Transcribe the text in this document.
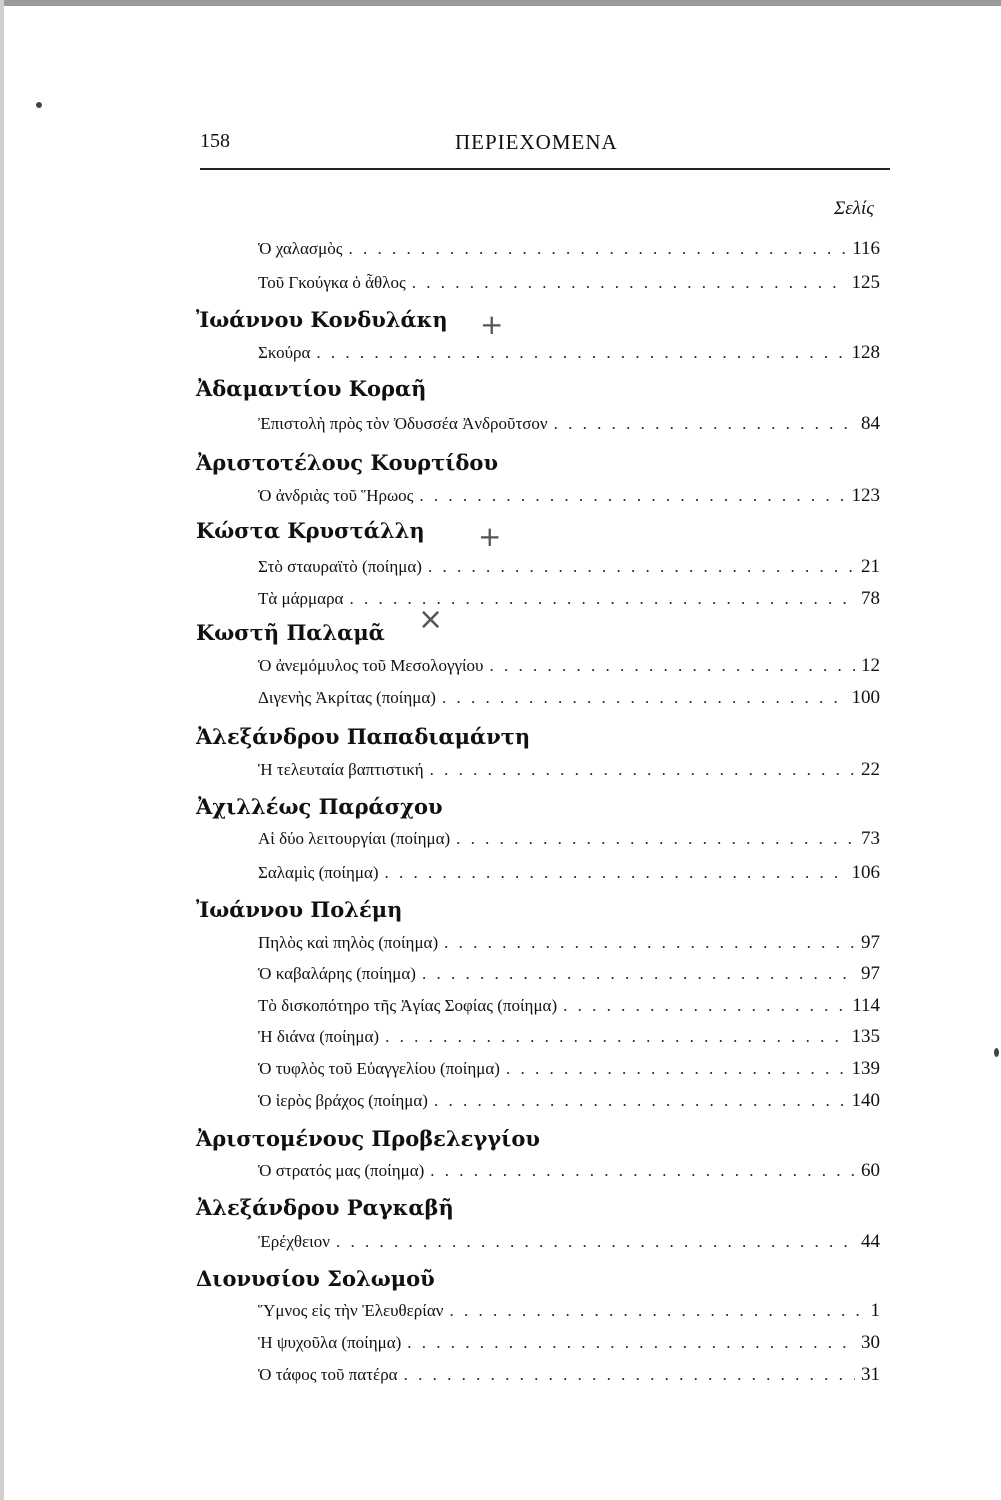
158	ΠΕΡΙΕΧΟΜΕΝΑ
Σελίς
Ὁ χαλασμὸς . . .	116
Τοῦ Γκούγκα ὁ ἆθλος . . .	125
Ἰωάννου Κονδυλάκη
Σκούρα . . .	128
Ἀδαμαντίου Κοραῆ
Ἐπιστολὴ πρὸς τὸν Ὀδυσσέα Ἀνδροῦτσον . . .	84
Ἀριστοτέλους Κουρτίδου
Ὁ ἀνδριὰς τοῦ Ἥρωος . . .	123
Κώστα Κρυστάλλη
Στὸ σταυραϊτὸ (ποίημα) . . .	21
Τὰ μάρμαρα . . .	78
Κωστῆ Παλαμᾶ
Ὁ ἀνεμόμυλος τοῦ Μεσολογγίου . . .	12
Διγενὴς Ἀκρίτας (ποίημα) . . .	100
Ἀλεξάνδρου Παπαδιαμάντη
Ἡ τελευταία βαπτιστική . . .	22
Ἀχιλλέως Παράσχου
Αἱ δύο λειτουργίαι (ποίημα) . . .	73
Σαλαμὶς (ποίημα) . . .	106
Ἰωάννου Πολέμη
Πηλὸς καὶ πηλὸς (ποίημα) . . .	97
Ὁ καβαλάρης (ποίημα) . . .	97
Τὸ δισκοπότηρο τῆς Ἁγίας Σοφίας (ποίημα) . . .	114
Ἡ διάνα (ποίημα) . . .	135
Ὁ τυφλὸς τοῦ Εὐαγγελίου (ποίημα) . . .	139
Ὁ ἱερὸς βράχος (ποίημα) . . .	140
Ἀριστομένους Προβελεγγίου
Ὁ στρατός μας (ποίημα) . . .	60
Ἀλεξάνδρου Ραγκαβῆ
Ἐρέχθειον . . .	44
Διονυσίου Σολωμοῦ
Ὕμνος εἰς τὴν Ἐλευθερίαν . . .	1
Ἡ ψυχοῦλα (ποίημα) . . .	30
Ὁ τάφος τοῦ πατέρα . . .	31
+
+
×
